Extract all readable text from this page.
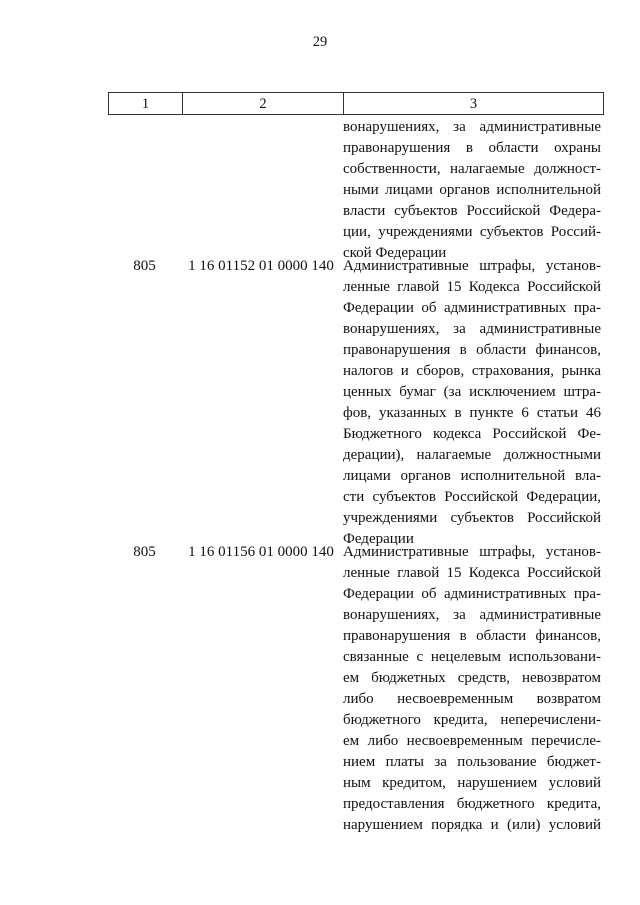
29
1	2	3
вонарушениях, за административные
правонарушения в области охраны
собственности, налагаемые должност-
ными лицами органов исполнительной
власти субъектов Российской Федера-
ции, учреждениями субъектов Россий-
ской Федерации
805	1 16 01152 01 0000 140 Административные штрафы, установ-
ленные главой 15 Кодекса Российской
Федерации об административных пра-
вонарушениях, за административные
правонарушения в области финансов,
налогов и сборов, страхования, рынка
ценных бумаг (за исключением штра-
фов, указанных в пункте 6 статьи 46
Бюджетного кодекса Российской Фе-
дерации), налагаемые должностными
лицами органов исполнительной вла-
сти субъектов Российской Федерации,
учреждениями субъектов Российской
Федерации
805	1 16 01156 01 0000 140 Административные штрафы, установ-
ленные главой 15 Кодекса Российской
Федерации об административных пра-
вонарушениях, за административные
правонарушения в области финансов,
связанные с нецелевым использовани-
ем бюджетных средств, невозвратом
либо несвоевременным возвратом
бюджетного кредита, неперечислени-
ем либо несвоевременным перечисле-
нием платы за пользование бюджет-
ным кредитом, нарушением условий
предоставления бюджетного кредита,
нарушением порядка и (или) условий
